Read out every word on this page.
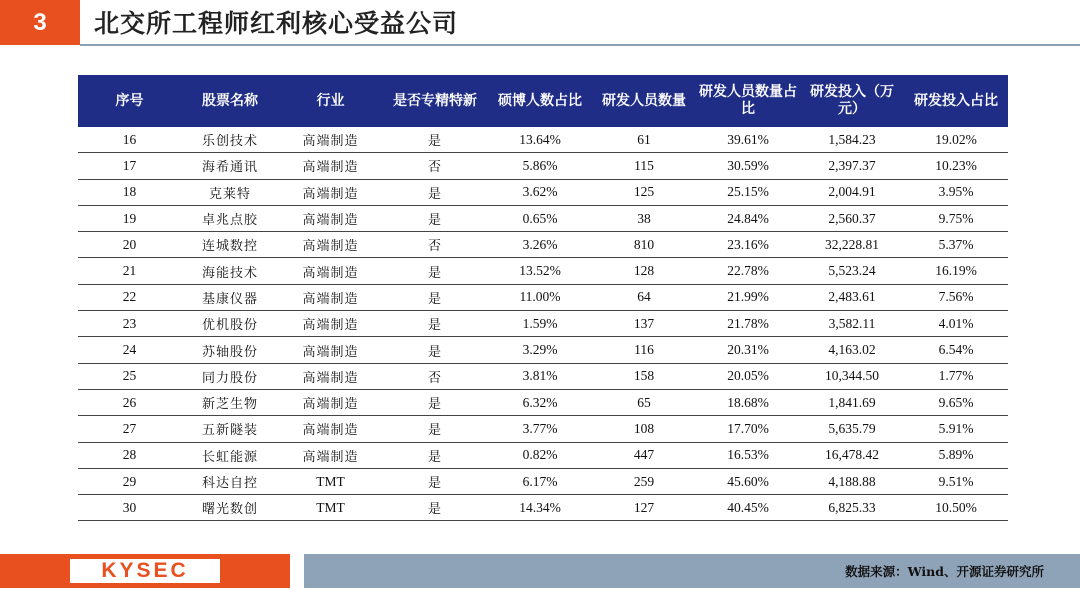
3	北交所工程师红利核心受益公司
序号	股票名称	行业	是否专精特新	硕博人数占比	研发人员数量	研发人员数量占比	研发投入（万元）	研发投入占比
16	乐创技术	高端制造	是	13.64%	61	39.61%	1,584.23	19.02%
17	海希通讯	高端制造	否	5.86%	115	30.59%	2,397.37	10.23%
18	克莱特	高端制造	是	3.62%	125	25.15%	2,004.91	3.95%
19	卓兆点胶	高端制造	是	0.65%	38	24.84%	2,560.37	9.75%
20	连城数控	高端制造	否	3.26%	810	23.16%	32,228.81	5.37%
21	海能技术	高端制造	是	13.52%	128	22.78%	5,523.24	16.19%
22	基康仪器	高端制造	是	11.00%	64	21.99%	2,483.61	7.56%
23	优机股份	高端制造	是	1.59%	137	21.78%	3,582.11	4.01%
24	苏轴股份	高端制造	是	3.29%	116	20.31%	4,163.02	6.54%
25	同力股份	高端制造	否	3.81%	158	20.05%	10,344.50	1.77%
26	新芝生物	高端制造	是	6.32%	65	18.68%	1,841.69	9.65%
27	五新隧装	高端制造	是	3.77%	108	17.70%	5,635.79	5.91%
28	长虹能源	高端制造	是	0.82%	447	16.53%	16,478.42	5.89%
29	科达自控	TMT	是	6.17%	259	45.60%	4,188.88	9.51%
30	曙光数创	TMT	是	14.34%	127	40.45%	6,825.33	10.50%
KYSEC	数据来源：Wind、开源证券研究所
